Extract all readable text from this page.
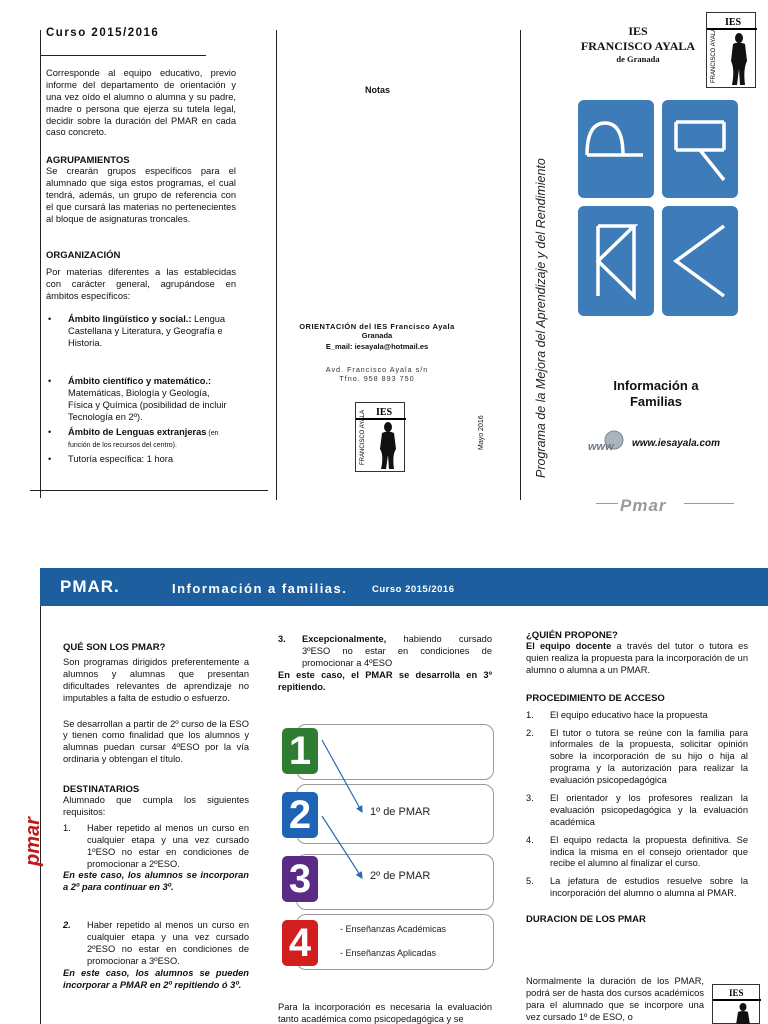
Curso 2015/2016

Corresponde al equipo educativo, previo informe del departamento de orientación y una vez oído el alumno o alumna y su padre, madre o persona que ejerza su tutela legal, decidir sobre la duración del PMAR en cada caso concreto.

AGRUPAMIENTOS

Se crearán grupos específicos para el alumnado que siga estos programas, el cual tendrá, además, un grupo de referencia con el que cursará las materias no pertenecientes al bloque de asignaturas troncales.

ORGANIZACIÓN

Por materias diferentes a las establecidas con carácter general, agrupándose en ámbitos específicos:

• Ámbito lingüístico y social.: Lengua Castellana y Literatura, y Geografía e Historia.
• Ámbito científico y matemático.: Matemáticas, Biología y Geología, Física y Química (posibilidad de incluir Tecnología en 2º).
• Ámbito de Lenguas extranjeras (en función de los recursos del centro).
• Tutoría específica: 1 hora
Notas
ORIENTACIÓN del IES Francisco Ayala
Granada
E_mail: iesayala@hotmail.es
Avd. Francisco Ayala s/n
Tfno. 958 893 750
IES
FRANCISCO AYALA	Mayo 2016	Programa de la Mejora del Aprendizaje y del Rendimiento
IES
FRANCISCO AYALA
de Granada
IES
FRANCISCO AYALA
Información a Familias
www www.iesayala.com
Pmar
PMAR.	Información a familias.	Curso 2015/2016
pmar

QUÉ SON LOS PMAR?

Son programas dirigidos preferentemente a alumnos y alumnas que presentan dificultades relevantes de aprendizaje no imputables a falta de estudio o esfuerzo.

Se desarrollan a partir de 2º curso de la ESO y tienen como finalidad que los alumnos y alumnas puedan cursar 4ºESO por la vía ordinaria y obtengan el título.

DESTINATARIOS

Alumnado que cumpla los siguientes requisitos:

1. Haber repetido al menos un curso en cualquier etapa y una vez cursado 1ºESO no estar en condiciones de promocionar a 2ºESO.

En este caso, los alumnos se incorporan a 2º para continuar en 3º.

2. Haber repetido al menos un curso en cualquier etapa y una vez cursado 2ºESO no estar en condiciones de promocionar a 3ºESO.

En este caso, los alumnos se pueden incorporar a PMAR en 2º repitiendo ó 3º.

3. Excepcionalmente, habiendo cursado 3ºESO no estar en condiciones de promocionar a 4ºESO

En este caso, el PMAR se desarrolla en 3º repitiendo.

1
2
3
4
1º de PMAR
2º de PMAR
- Enseñanzas Académicas
- Enseñanzas Aplicadas

Para la incorporación es necesaria la evaluación tanto académica como psicopedagógica y se

¿QUIÉN PROPONE?

El equipo docente a través del tutor o tutora es quien realiza la propuesta para la incorporación de un alumno o alumna a un PMAR.

PROCEDIMIENTO DE ACCESO

1. El equipo educativo hace la propuesta
2. El tutor o tutora se reúne con la familia para informales de la propuesta, solicitar opinión sobre la incorporación de su hijo o hija al programa y la autorización para realizar la evaluación psicopedagógica
3. El orientador y los profesores realizan la evaluación psicopedagógica y la evaluación académica
4. El equipo redacta la propuesta definitiva. Se indica la misma en el consejo orientador que recibe el alumno al finalizar el curso.
5. La jefatura de estudios resuelve sobre la incorporación del alumno o alumna al PMAR.

DURACION DE LOS PMAR

Normalmente la duración de los PMAR, podrá ser de hasta dos cursos académicos para el alumnado que se incorpore una vez cursado 1º de ESO, o

IES
